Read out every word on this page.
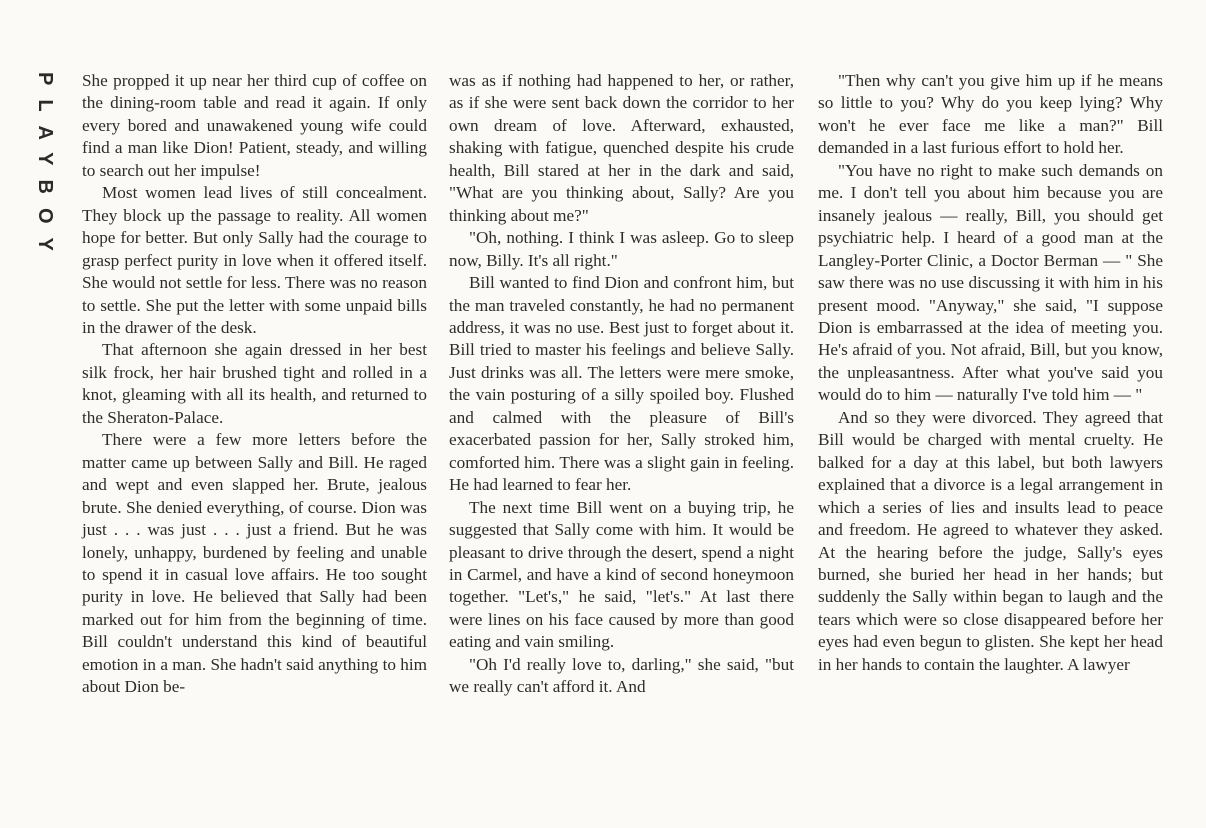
PLAYBOY She propped it up near her third cup of coffee on the dining-room table and read it again. If only every bored and unawakened young wife could find a man like Dion! Patient, steady, and willing to search out her impulse!

Most women lead lives of still concealment. They block up the passage to reality. All women hope for better. But only Sally had the courage to grasp perfect purity in love when it offered itself. She would not settle for less. There was no reason to settle. She put the letter with some unpaid bills in the drawer of the desk.

That afternoon she again dressed in her best silk frock, her hair brushed tight and rolled in a knot, gleaming with all its health, and returned to the Sheraton-Palace.

There were a few more letters before the matter came up between Sally and Bill. He raged and wept and even slapped her. Brute, jealous brute. She denied everything, of course. Dion was just . . . was just . . . just a friend. But he was lonely, unhappy, burdened by feeling and unable to spend it in casual love affairs. He too sought purity in love. He believed that Sally had been marked out for him from the beginning of time. Bill couldn't understand this kind of beautiful emotion in a man. She hadn't said anything to him about Dion be-

was as if nothing had happened to her, or rather, as if she were sent back down the corridor to her own dream of love. Afterward, exhausted, shaking with fatigue, quenched despite his crude health, Bill stared at her in the dark and said, "What are you thinking about, Sally? Are you thinking about me?"

"Oh, nothing. I think I was asleep. Go to sleep now, Billy. It's all right."

Bill wanted to find Dion and confront him, but the man traveled constantly, he had no permanent address, it was no use. Best just to forget about it. Bill tried to master his feelings and believe Sally. Just drinks was all. The letters were mere smoke, the vain posturing of a silly spoiled boy. Flushed and calmed with the pleasure of Bill's exacerbated passion for her, Sally stroked him, comforted him. There was a slight gain in feeling. He had learned to fear her.

The next time Bill went on a buying trip, he suggested that Sally come with him. It would be pleasant to drive through the desert, spend a night in Carmel, and have a kind of second honeymoon together. "Let's," he said, "let's." At last there were lines on his face caused by more than good eating and vain smiling.

"Oh I'd really love to, darling," she said, "but we really can't afford it. And

"Then why can't you give him up if he means so little to you? Why do you keep lying? Why won't he ever face me like a man?" Bill demanded in a last furious effort to hold her.

"You have no right to make such demands on me. I don't tell you about him because you are insanely jealous — really, Bill, you should get psychiatric help. I heard of a good man at the Langley-Porter Clinic, a Doctor Berman — " She saw there was no use discussing it with him in his present mood. "Anyway," she said, "I suppose Dion is embarrassed at the idea of meeting you. He's afraid of you. Not afraid, Bill, but you know, the unpleasantness. After what you've said you would do to him — naturally I've told him — "

And so they were divorced. They agreed that Bill would be charged with mental cruelty. He balked for a day at this label, but both lawyers explained that a divorce is a legal arrangement in which a series of lies and insults lead to peace and freedom. He agreed to whatever they asked. At the hearing before the judge, Sally's eyes burned, she buried her head in her hands; but suddenly the Sally within began to laugh and the tears which were so close disappeared before her eyes had even begun to glisten. She kept her head in her hands to contain the laughter. A lawyer
